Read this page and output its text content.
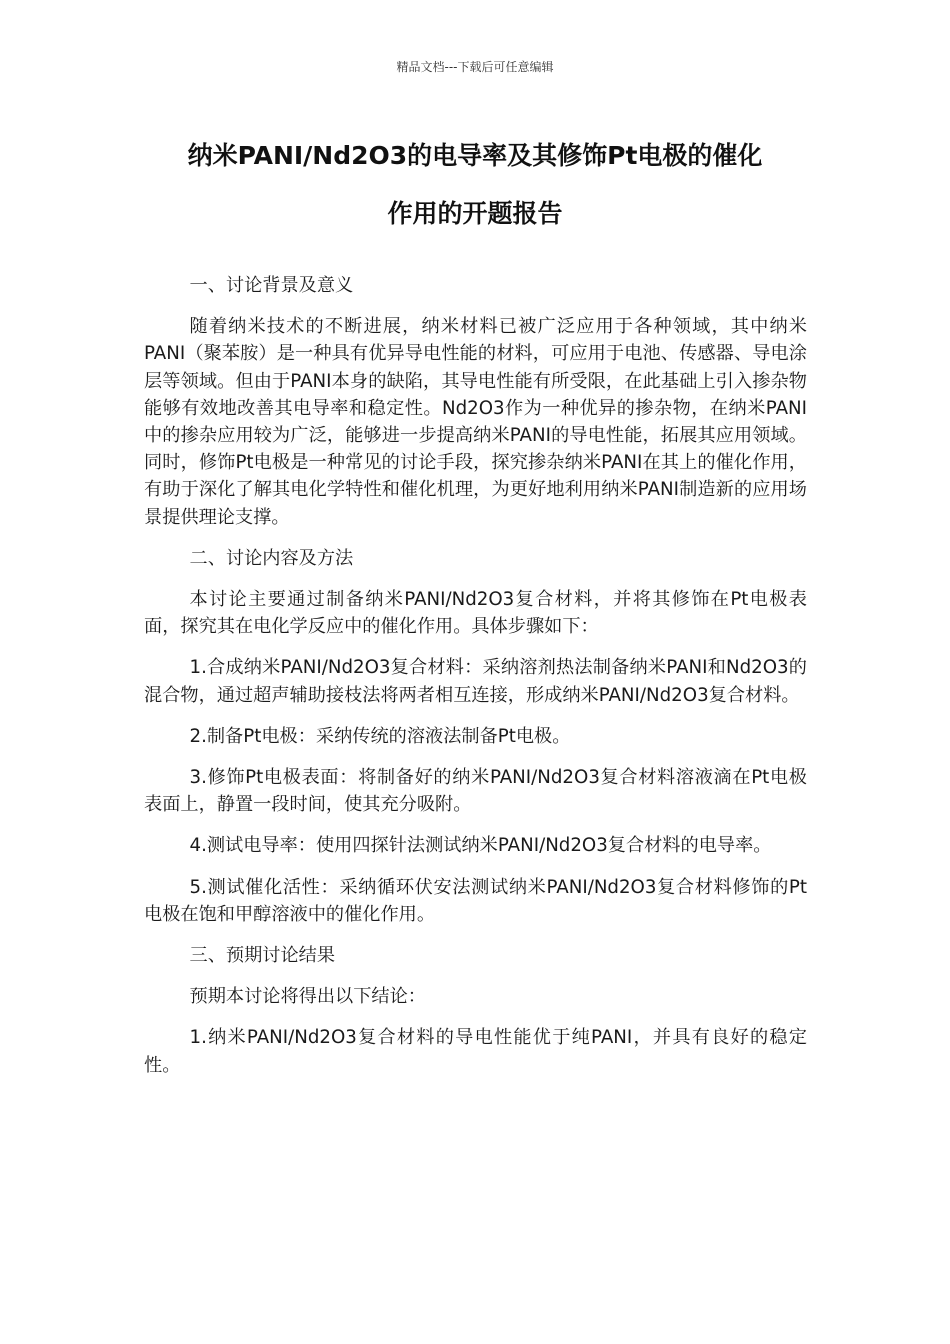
精品文档---下载后可任意编辑
纳米PANI/Nd2O3的电导率及其修饰Pt电极的催化
作用的开题报告

一、讨论背景及意义

随着纳米技术的不断进展，纳米材料已被广泛应用于各种领域，其中纳米PANI（聚苯胺）是一种具有优异导电性能的材料，可应用于电池、传感器、导电涂层等领域。但由于PANI本身的缺陷，其导电性能有所受限，在此基础上引入掺杂物能够有效地改善其电导率和稳定性。Nd2O3作为一种优异的掺杂物，在纳米PANI中的掺杂应用较为广泛，能够进一步提高纳米PANI的导电性能，拓展其应用领域。同时，修饰Pt电极是一种常见的讨论手段，探究掺杂纳米PANI在其上的催化作用，有助于深化了解其电化学特性和催化机理，为更好地利用纳米PANI制造新的应用场景提供理论支撑。

二、讨论内容及方法

本讨论主要通过制备纳米PANI/Nd2O3复合材料，并将其修饰在Pt电极表面，探究其在电化学反应中的催化作用。具体步骤如下：

1.合成纳米PANI/Nd2O3复合材料：采纳溶剂热法制备纳米PANI和Nd2O3的混合物，通过超声辅助接枝法将两者相互连接，形成纳米PANI/Nd2O3复合材料。

2.制备Pt电极：采纳传统的溶液法制备Pt电极。

3.修饰Pt电极表面：将制备好的纳米PANI/Nd2O3复合材料溶液滴在Pt电极表面上，静置一段时间，使其充分吸附。

4.测试电导率：使用四探针法测试纳米PANI/Nd2O3复合材料的电导率。

5.测试催化活性：采纳循环伏安法测试纳米PANI/Nd2O3复合材料修饰的Pt电极在饱和甲醇溶液中的催化作用。

三、预期讨论结果

预期本讨论将得出以下结论：

1.纳米PANI/Nd2O3复合材料的导电性能优于纯PANI，并具有良好的稳定性。
